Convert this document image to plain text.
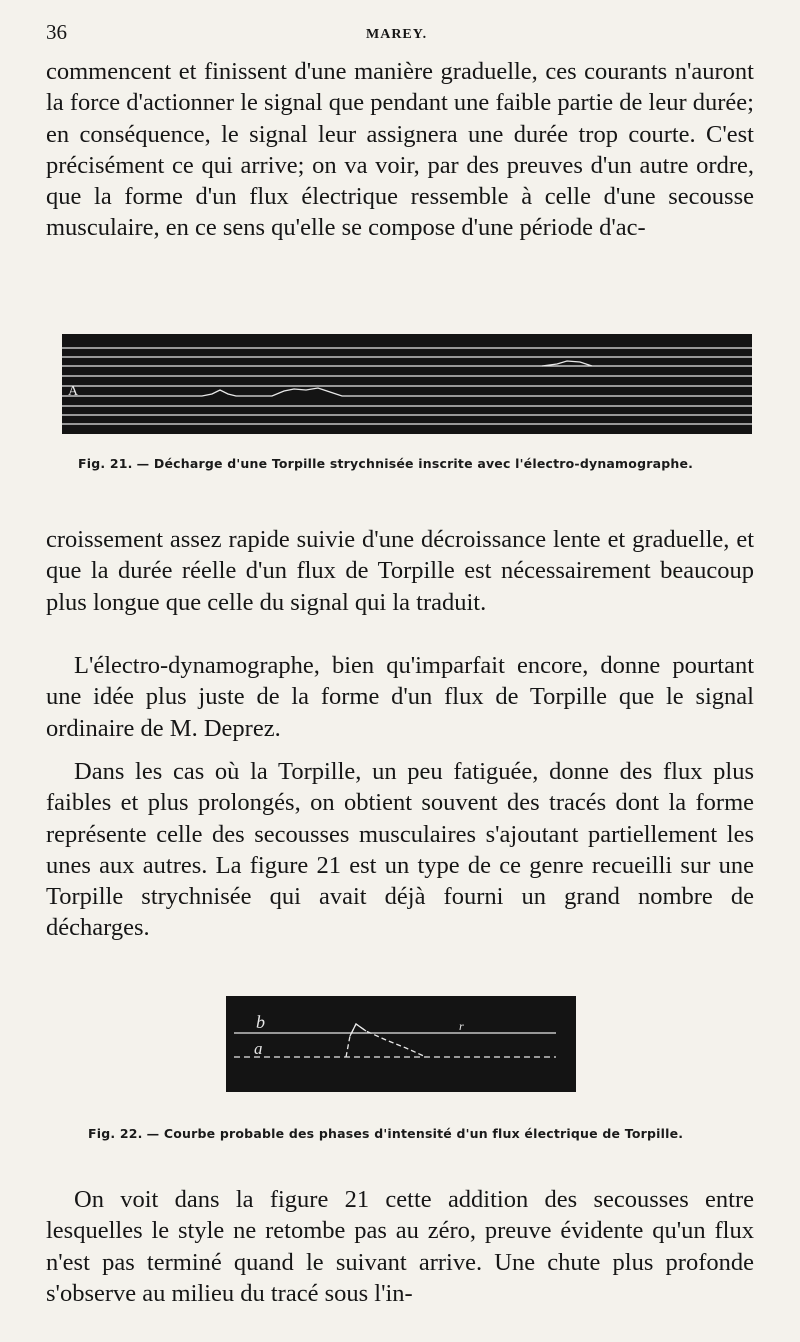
36	MAREY.

commencent et finissent d'une manière graduelle, ces courants n'auront la force d'actionner le signal que pendant une faible partie de leur durée; en conséquence, le signal leur assignera une durée trop courte. C'est précisément ce qui arrive; on va voir, par des preuves d'un autre ordre, que la forme d'un flux électrique ressemble à celle d'une secousse musculaire, en ce sens qu'elle se compose d'une période d'ac-

A
Fig. 21. — Décharge d'une Torpille strychnisée inscrite avec l'électro-dynamographe.

croissement assez rapide suivie d'une décroissance lente et graduelle, et que la durée réelle d'un flux de Torpille est nécessairement beaucoup plus longue que celle du signal qui la traduit.

L'électro-dynamographe, bien qu'imparfait encore, donne pourtant une idée plus juste de la forme d'un flux de Torpille que le signal ordinaire de M. Deprez.

Dans les cas où la Torpille, un peu fatiguée, donne des flux plus faibles et plus prolongés, on obtient souvent des tracés dont la forme représente celle des secousses musculaires s'ajoutant partiellement les unes aux autres. La figure 21 est un type de ce genre recueilli sur une Torpille strychnisée qui avait déjà fourni un grand nombre de décharges.

r
b
a
Fig. 22. — Courbe probable des phases d'intensité d'un flux électrique de Torpille.

On voit dans la figure 21 cette addition des secousses entre lesquelles le style ne retombe pas au zéro, preuve évidente qu'un flux n'est pas terminé quand le suivant arrive. Une chute plus profonde s'observe au milieu du tracé sous l'in-
